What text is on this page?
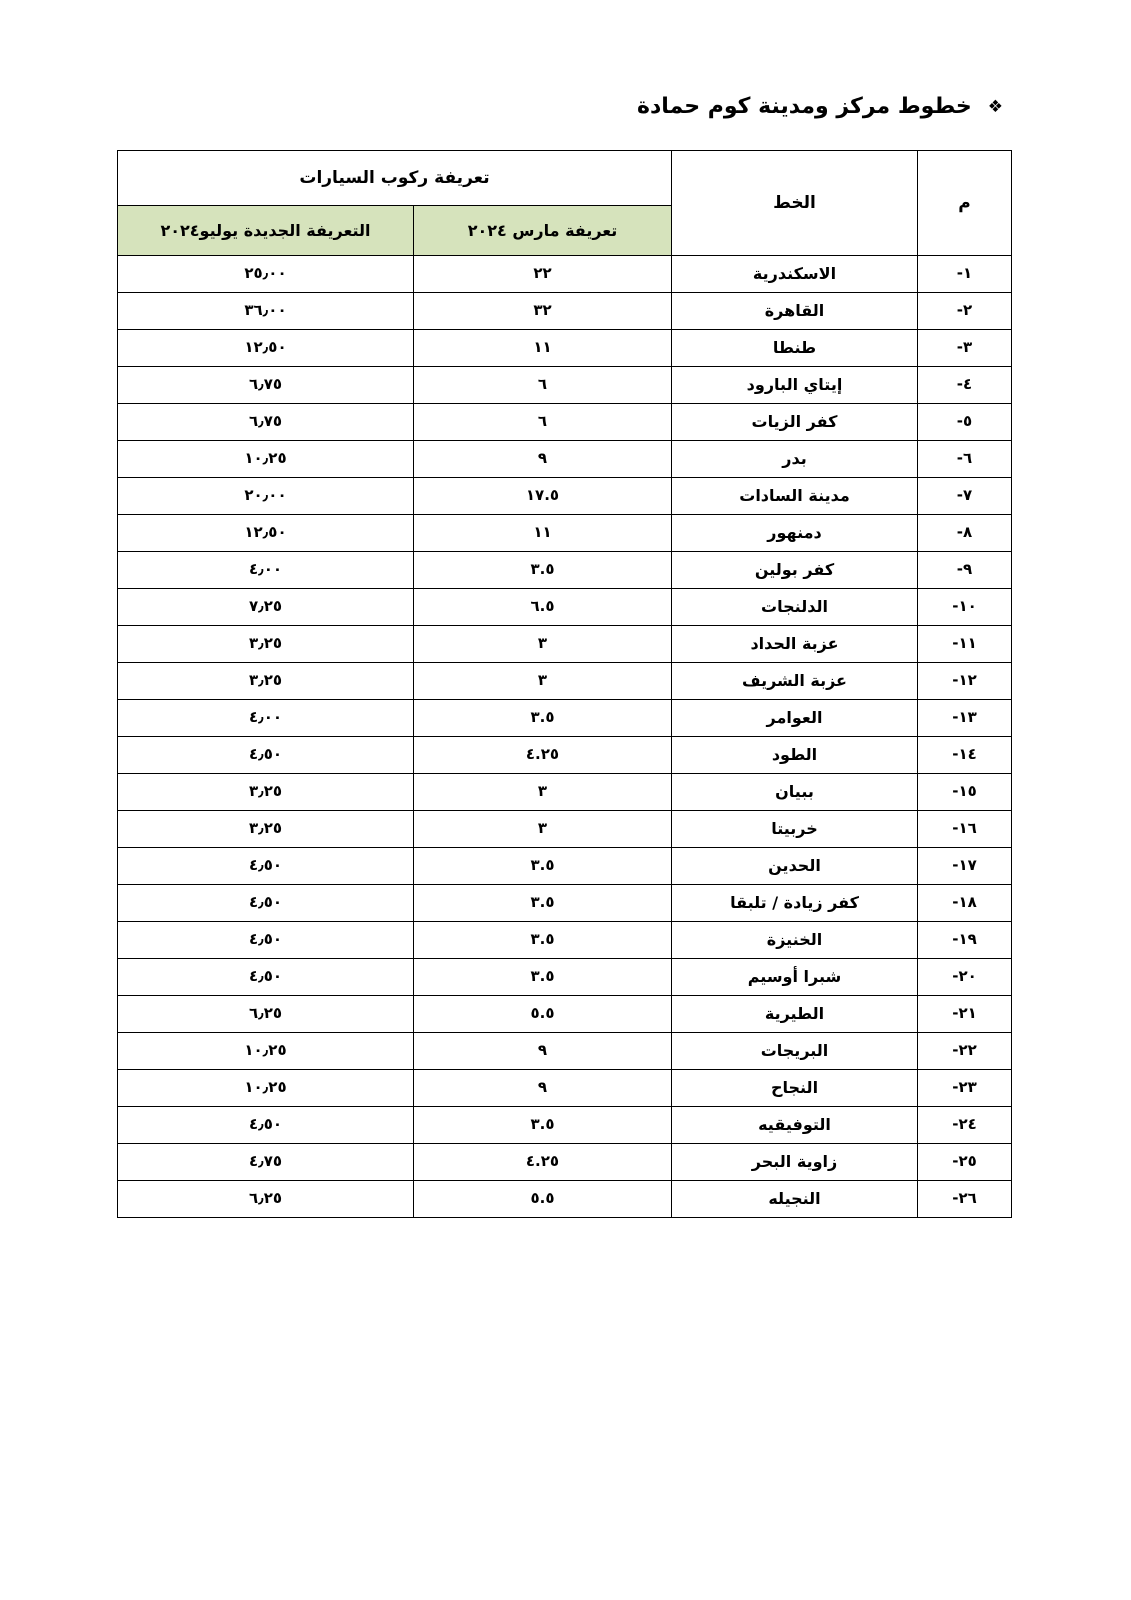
❖
خطوط مركز ومدينة كوم حمادة
م	الخط	تعريفة ركوب السيارات	
		تعريفة مارس ٢٠٢٤	التعريفة الجديدة يوليو٢٠٢٤
١-	الاسكندرية	٢٢	٢٥٫٠٠
٢-	القاهرة	٣٢	٣٦٫٠٠
٣-	طنطا	١١	١٢٫٥٠
٤-	إيتاي البارود	٦	٦٫٧٥
٥-	كفر الزيات	٦	٦٫٧٥
٦-	بدر	٩	١٠٫٢٥
٧-	مدينة السادات	١٧.٥	٢٠٫٠٠
٨-	دمنهور	١١	١٢٫٥٠
٩-	كفر بولين	٣.٥	٤٫٠٠
١٠-	الدلنجات	٦.٥	٧٫٢٥
١١-	عزبة الحداد	٣	٣٫٢٥
١٢-	عزبة الشريف	٣	٣٫٢٥
١٣-	العوامر	٣.٥	٤٫٠٠
١٤-	الطود	٤.٢٥	٤٫٥٠
١٥-	ببيان	٣	٣٫٢٥
١٦-	خربيتا	٣	٣٫٢٥
١٧-	الحدين	٣.٥	٤٫٥٠
١٨-	كفر زيادة / تلبقا	٣.٥	٤٫٥٠
١٩-	الخنيزة	٣.٥	٤٫٥٠
٢٠-	شبرا أوسيم	٣.٥	٤٫٥٠
٢١-	الطيرية	٥.٥	٦٫٢٥
٢٢-	البريجات	٩	١٠٫٢٥
٢٣-	النجاح	٩	١٠٫٢٥
٢٤-	التوفيقيه	٣.٥	٤٫٥٠
٢٥-	زاوية البحر	٤.٢٥	٤٫٧٥
٢٦-	النجيله	٥.٥	٦٫٢٥
